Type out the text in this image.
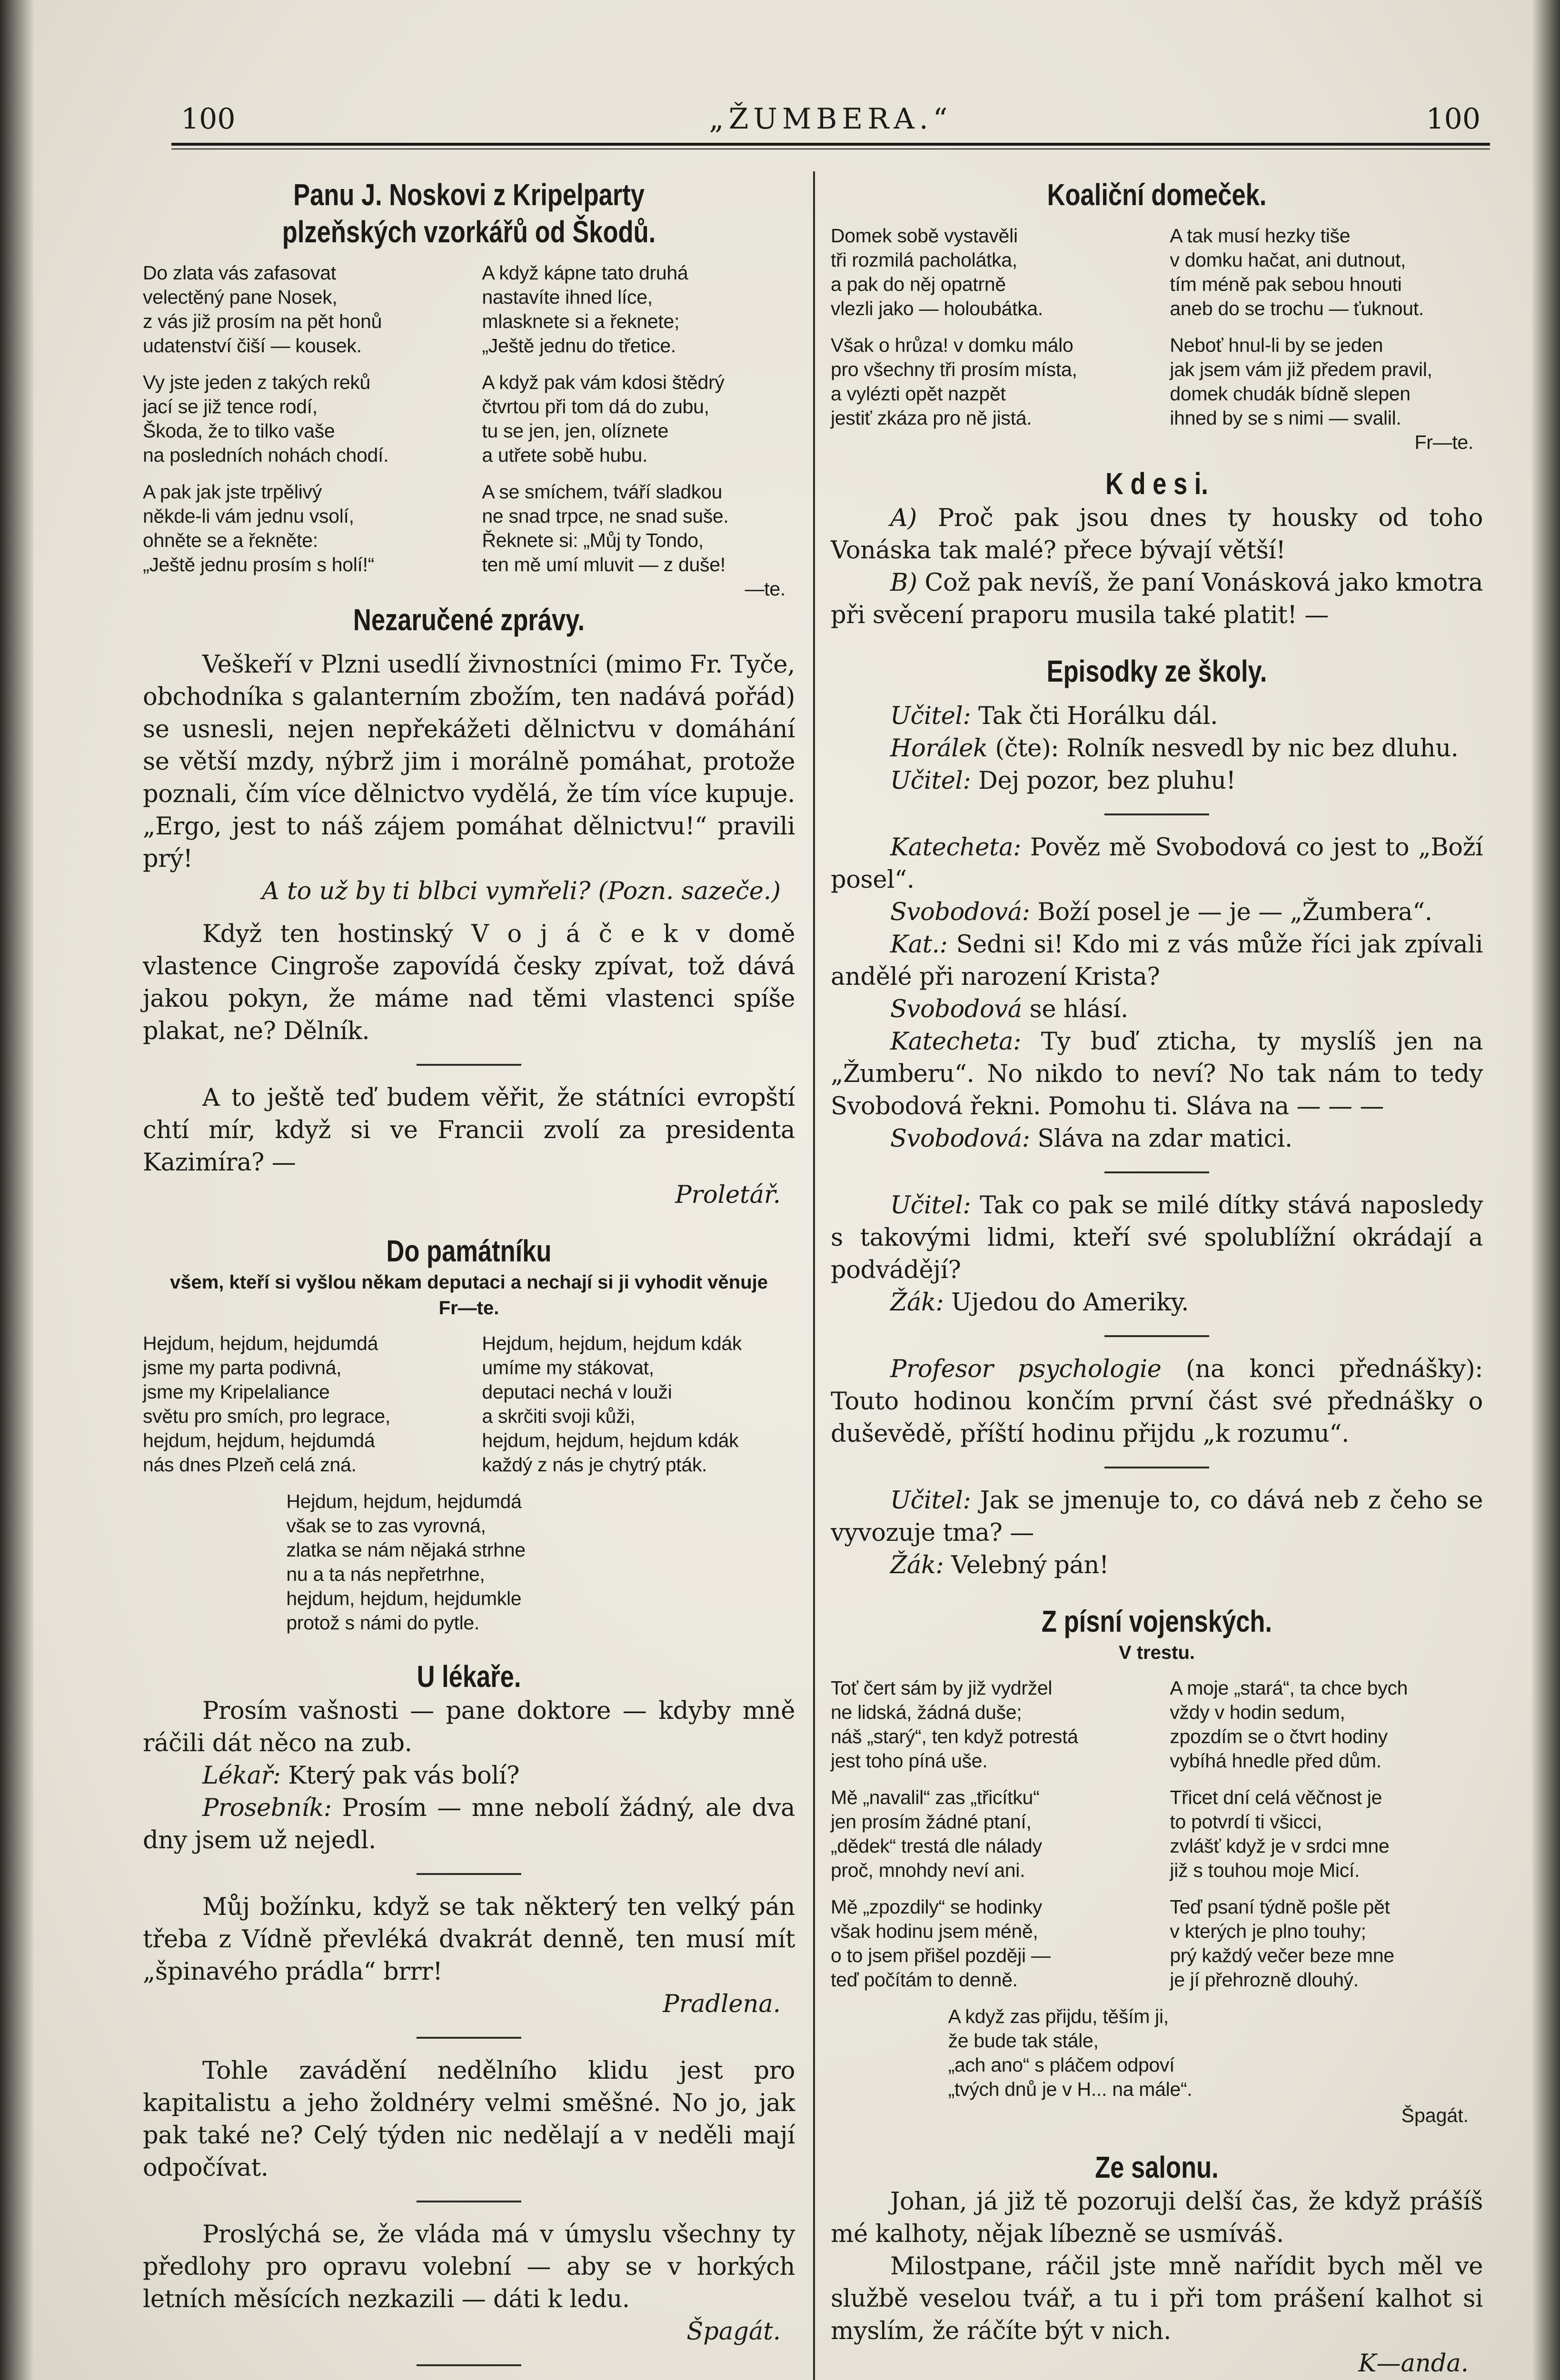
100	„ŽUMBERA.“	100
Panu J. Noskovi z Kripelparty plzeňských vzorkářů od Škodů.
Do zlata vás zafasovat
velectěný pane Nosek,
z vás již prosím na pět honů
udatenství čiší — kousek.
Vy jste jeden z takých reků
jací se již tence rodí,
Škoda, že to tilko vaše
na posledních nohách chodí.
A pak jak jste trpělivý
někde-li vám jednu vsolí,
ohněte se a řekněte:
„Ještě jednu prosím s holí!“
A když kápne tato druhá
nastavíte ihned líce,
mlasknete si a řeknete;
„Ještě jednu do třetice.
A když pak vám kdosi štědrý
čtvrtou při tom dá do zubu,
tu se jen, jen, olíznete
a utřete sobě hubu.
A se smíchem, tváří sladkou
ne snad trpce, ne snad suše.
Řeknete si: „Můj ty Tondo,
ten mě umí mluvit — z duše!
—te.
Nezaručené zprávy.

Veškeří v Plzni usedlí živnostníci (mimo Fr. Tyče, obchodníka s galanterním zbožím, ten nadává pořád) se usnesli, nejen nepřekážeti dělnictvu v domáhání se větší mzdy, nýbrž jim i morálně pomáhat, protože poznali, čím více dělnictvo vydělá, že tím více kupuje. „Ergo, jest to náš zájem pomáhat dělnictvu!“ pravili prý!

A to už by ti blbci vymřeli? (Pozn. sazeče.)

Když ten hostinský V o j á č e k v domě vlastence Cingroše zapovídá česky zpívat, tož dává jakou pokyn, že máme nad těmi vlastenci spíše plakat, ne? Dělník.

A to ještě teď budem věřit, že státníci evropští chtí mír, když si ve Francii zvolí za presidenta Kazimíra? —

Proletář.

Do památníku
všem, kteří si vyšlou někam deputaci a nechají si ji vyhodit věnuje Fr—te.
Hejdum, hejdum, hejdumdá
jsme my partа podivná,
jsme my Kripelaliance
světu pro smích, pro legrace,
hejdum, hejdum, hejdumdá
nás dnes Plzeň celá zná.
Hejdum, hejdum, hejdum kdák
umíme my stákovat,
deputaci nechá v louži
a skrčiti svoji kůži,
hejdum, hejdum, hejdum kdák
každý z nás je chytrý pták.
Hejdum, hejdum, hejdumdá
však se to zas vyrovná,
zlatka se nám nějaká strhne
nu a ta nás nepřetrhne,
hejdum, hejdum, hejdumkle
protož s námi do pytle.
U lékaře.

Prosím vašnosti — pane doktore — kdyby mně ráčili dát něco na zub.

Lékař: Který pak vás bolí?

Prosebník: Prosím — mne nebolí žádný, ale dva dny jsem už nejedl.

Můj božínku, když se tak některý ten velký pán třeba z Vídně převléká dvakrát denně, ten musí mít „špinavého prádla“ brrr!

Pradlena.

Tohle zavádění nedělního klidu jest pro kapitalistu a jeho žoldnéry velmi směšné. No jo, jak pak také ne? Celý týden nic nedělají a v neděli mají odpočívat.

Proslýchá se, že vláda má v úmyslu všechny ty předlohy pro opravu volební — aby se v horkých letních měsících nezkazili — dáti k ledu.

Špagát.

Koaliční domeček.
Domek sobě vystavěli
tři rozmilá pacholátka,
a pak do něj opatrně
vlezli jako — holoubátka.
Však o hrůza! v domku málo
pro všechny tři prosím místa,
a vylézti opět nazpět
jestiť zkáza pro ně jistá.
A tak musí hezky tiše
v domku hačat, ani dutnout,
tím méně pak sebou hnouti
aneb do se trochu — ťuknout.
Neboť hnul-li by se jeden
jak jsem vám již předem pravil,
domek chudák bídně slepen
ihned by se s nimi — svalil.
Fr—te.
K d e s i.

A) Proč pak jsou dnes ty housky od toho Vonáska tak malé? přece bývají větší!

B) Což pak nevíš, že paní Vonásková jako kmotra při svěcení praporu musila také platit! —

Episodky ze školy.

Učitel: Tak čti Horálku dál.

Horálek (čte): Rolník nesvedl by nic bez dluhu.

Učitel: Dej pozor, bez pluhu!

Katecheta: Pověz mě Svobodová co jest to „Boží posel“.

Svobodová: Boží posel je — je — „Žumbera“.

Kat.: Sedni si! Kdo mi z vás může říci jak zpívali andělé při narození Krista?

Svobodová se hlásí.

Katecheta: Ty buď zticha, ty myslíš jen na „Žumberu“. No nikdo to neví? No tak nám to tedy Svobodová řekni. Pomohu ti. Sláva na — — —

Svobodová: Sláva na zdar matici.

Učitel: Tak co pak se milé dítky stává naposledy s takovými lidmi, kteří své spolublížní okrádají a podvádějí?

Žák: Ujedou do Ameriky.

Profesor psychologie (na konci přednášky): Touto hodinou končím první část své přednášky o duševědě, příští hodinu přijdu „k rozumu“.

Učitel: Jak se jmenuje to, co dává neb z čeho se vyvozuje tma? —

Žák: Velebný pán!

Z písní vojenských.
V trestu.
Toť čert sám by již vydržel
ne lidská, žádná duše;
náš „starý“, ten když potrestá
jest toho píná uše.
Mě „navalil“ zas „třicítku“
jen prosím žádné ptaní,
„dědek“ trestá dle nálady
proč, mnohdy neví ani.
Mě „zpozdily“ se hodinky
však hodinu jsem méně,
o to jsem přišel později —
teď počítám to denně.
A moje „stará“, ta chce bych
vždy v hodin sedum,
zpozdím se o čtvrt hodiny
vybíhá hnedle před dům.
Třicet dní celá věčnost je
to potvrdí ti všicci,
zvlášť když je v srdci mne
již s touhou moje Micí.
Teď psaní týdně pošle pět
v kterých je plno touhy;
prý každý večer beze mne
je jí přehrozně dlouhý.
A když zas přijdu, těším ji,
že bude tak stále,
„ach ano“ s pláčem odpoví
„tvých dnů je v H... na mále“.
Špagát.
Ze salonu.

Johan, já již tě pozoruji delší čas, že když prášíš mé kalhoty, nějak líbezně se usmíváš.

Milostpane, ráčil jste mně nařídit bych měl ve službě veselou tvář, a tu i při tom prášení kalhot si myslím, že ráčíte být v nich.

K—anda.
